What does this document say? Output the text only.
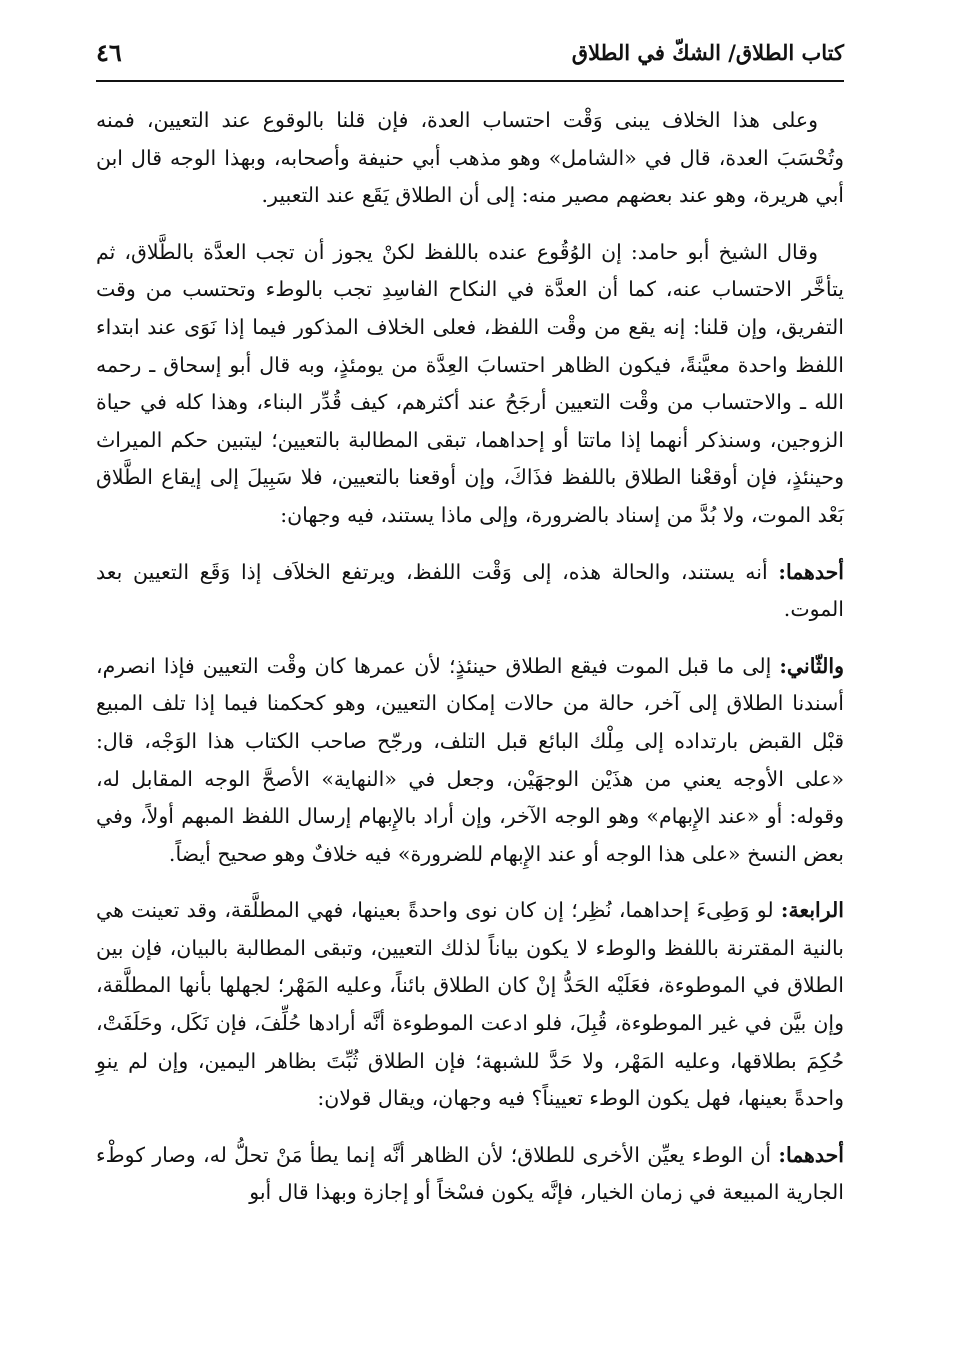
كتاب الطلاق/ الشكّ في الطلاق
٤٦

وعلى هذا الخلاف يبنى وَقْت احتساب العدة، فإن قلنا بالوقوع عند التعيين، فمنه وتُحْسَبَ العدة، قال في «الشامل» وهو مذهب أبي حنيفة وأصحابه، وبهذا الوجه قال ابن أبي هريرة، وهو عند بعضهم مصير منه: إلى أن الطلاق يَقَع عند التعبير.

وقال الشيخ أبو حامد: إن الوُقُوع عنده باللفظ لكنْ يجوز أن تجب العدَّة بالطَّلاق، ثم يتأخَّر الاحتساب عنه، كما أن العدَّة في النكاح الفاسِدِ تجب بالوطء وتحتسب من وقت التفريق، وإن قلنا: إنه يقع من وقْت اللفظ، فعلى الخلاف المذكور فيما إذا نَوَى عند ابتداء اللفظ واحدة معيَّنةً، فيكون الظاهر احتسابَ العِدَّة من يومئذٍ، وبه قال أبو إسحاق ـ رحمه الله ـ والاحتساب من وقْت التعيين أرجَحُ عند أكثرهم، كيف قُدِّر البناء، وهذا كله في حياة الزوجين، وسنذكر أنهما إذا ماتتا أو إحداهما، تبقى المطالبة بالتعيين؛ ليتبين حكم الميراث وحينئذٍ، فإن أوقعْنا الطلاق باللفظ فذَاكَ، وإن أوقعنا بالتعيين، فلا سَبِيلَ إلى إيقاع الطَّلاق بَعْد الموت، ولا بُدَّ من إسناد بالضرورة، وإلى ماذا يستند، فيه وجهان:

أحدهما: أنه يستند، والحالة هذه، إلى وَقْت اللفظ، ويرتفع الخلاَف إذا وَقَع التعيين بعد الموت.

والثّاني: إلى ما قبل الموت فيقع الطلاق حينئذٍ؛ لأن عمرها كان وقْت التعيين فإذا انصرم، أسندنا الطلاق إلى آخر، حالة من حالات إمكان التعيين، وهو كحكمنا فيما إذا تلف المبيع قبْل القبض بارتداده إلى مِلْك البائع قبل التلف، ورجّح صاحب الكتاب هذا الوَجْه، قال: «على الأوجه يعني من هذَيْن الوجهَيْن، وجعل في «النهاية» الأصحَّ الوجه المقابل له، وقوله: أو «عند الإِبهام» وهو الوجه الآخر، وإن أراد بالإِبهام إرسال اللفظ المبهم أولاً، وفي بعض النسخ «على هذا الوجه أو عند الإِبهام للضرورة» فيه خلافٌ وهو صحيح أيضاً.

الرابعة: لو وَطِىءَ إحداهما، نُظِر؛ إن كان نوى واحدةً بعينها، فهي المطلَّقة، وقد تعينت هي بالنية المقترنة باللفظ والوطء لا يكون بياناً لذلك التعيين، وتبقى المطالبة بالبيان، فإن بين الطلاق في الموطوءة، فعَلَيْه الحَدُّ إنْ كان الطلاق بائناً، وعليه المَهْر؛ لجهلها بأنها المطلَّقة، وإن بيَّن في غير الموطوءة، قُبِلَ، فلو ادعت الموطوءة أنَّه أرادها حُلِّفَ، فإن نَكَل، وحَلَفَتْ، حُكِمَ بطلاقها، وعليه المَهْر، ولا حَدَّ للشبهة؛ فإن الطلاق ثُبِّتَ بظاهر اليمين، وإن لم ينوِ واحدةً بعينها، فهل يكون الوطء تعييناً؟ فيه وجهان، ويقال قولان:

أحدهما: أن الوطء يعيِّن الأخرى للطلاق؛ لأن الظاهر أنَّه إنما يطأ مَنْ تحلُّ له، وصار كوطْء الجارية المبيعة في زمان الخيار، فإنَّه يكون فسْخاً أو إجازة وبهذا قال أبو
